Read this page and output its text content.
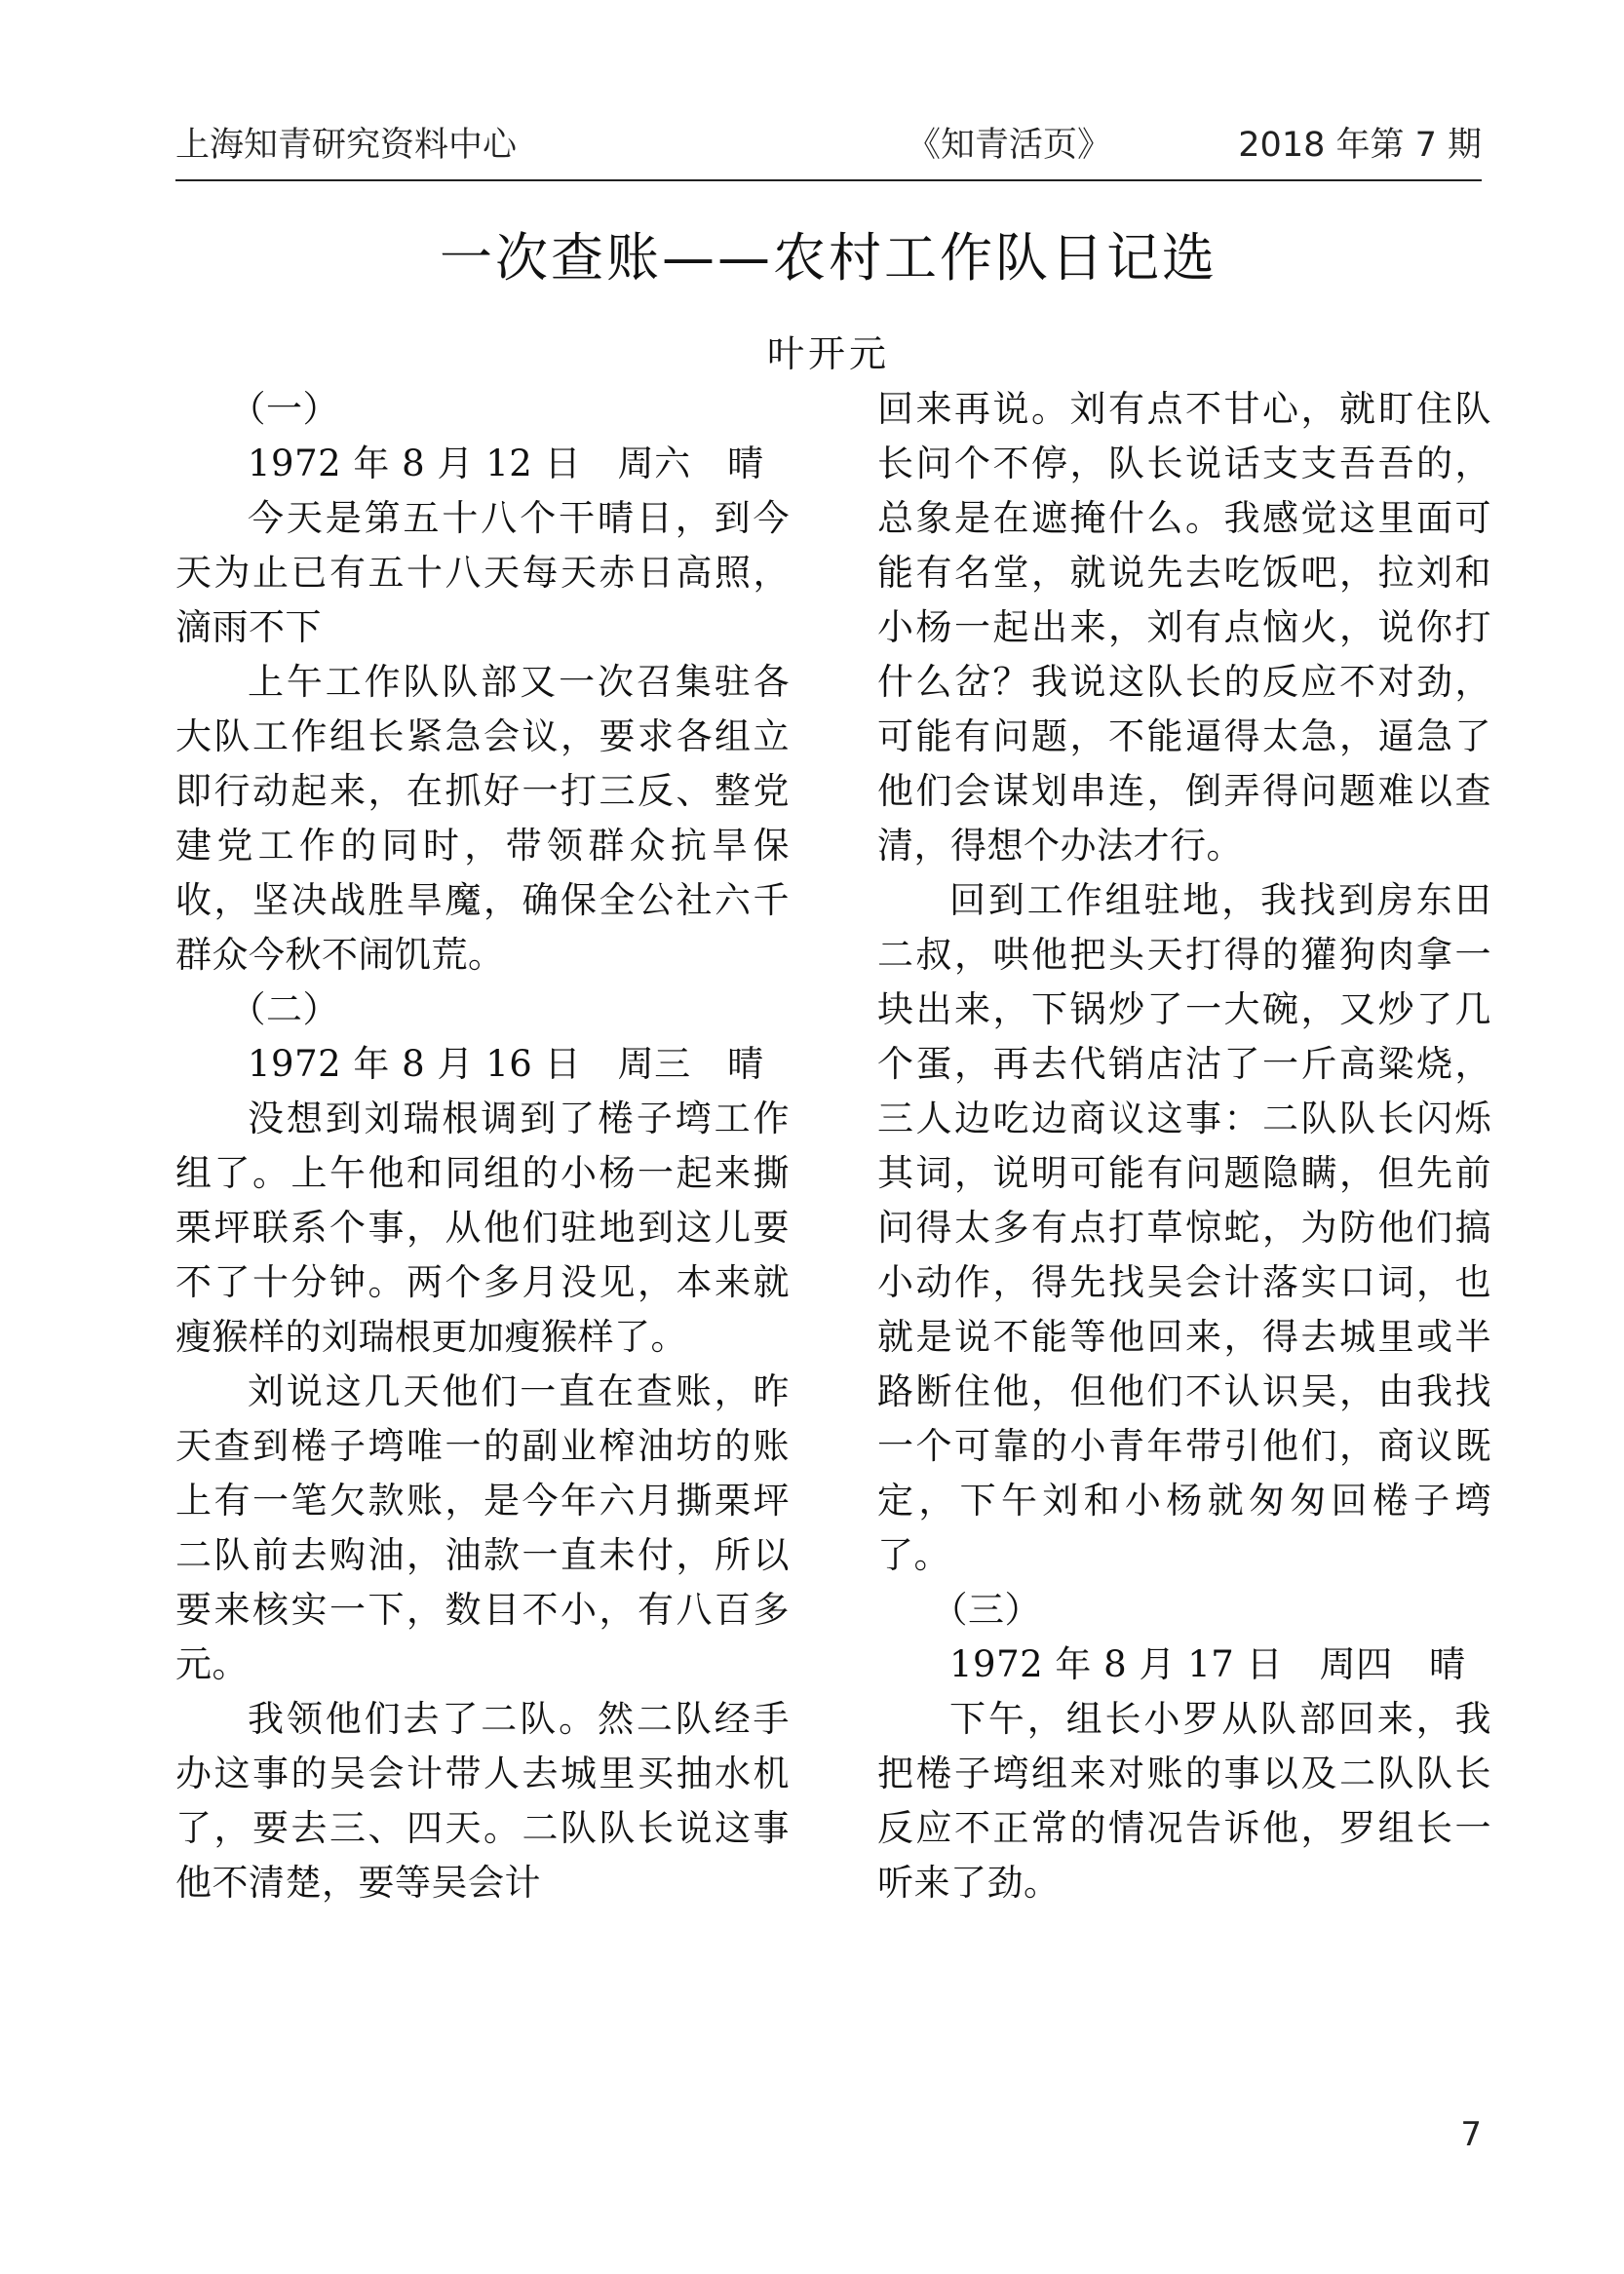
上海知青研究资料中心	《知青活页》	2018 年第 7 期
一次查账——农村工作队日记选
叶开元

（一）

1972 年 8 月 12 日　周六　晴

今天是第五十八个干晴日，到今天为止已有五十八天每天赤日高照，滴雨不下

上午工作队队部又一次召集驻各大队工作组长紧急会议，要求各组立即行动起来，在抓好一打三反、整党建党工作的同时，带领群众抗旱保收，坚决战胜旱魔，确保全公社六千群众今秋不闹饥荒。

（二）

1972 年 8 月 16 日　周三　晴

没想到刘瑞根调到了棬子塆工作组了。上午他和同组的小杨一起来撕栗坪联系个事，从他们驻地到这儿要不了十分钟。两个多月没见，本来就瘦猴样的刘瑞根更加瘦猴样了。

刘说这几天他们一直在查账，昨天查到棬子塆唯一的副业榨油坊的账上有一笔欠款账，是今年六月撕栗坪二队前去购油，油款一直未付，所以要来核实一下，数目不小，有八百多元。

我领他们去了二队。然二队经手办这事的吴会计带人去城里买抽水机了，要去三、四天。二队队长说这事他不清楚，要等吴会计

回来再说。刘有点不甘心，就盯住队长问个不停，队长说话支支吾吾的，总象是在遮掩什么。我感觉这里面可能有名堂，就说先去吃饭吧，拉刘和小杨一起出来，刘有点恼火，说你打什么岔？我说这队长的反应不对劲，可能有问题，不能逼得太急，逼急了他们会谋划串连，倒弄得问题难以查清，得想个办法才行。

回到工作组驻地，我找到房东田二叔，哄他把头天打得的獾狗肉拿一块出来，下锅炒了一大碗，又炒了几个蛋，再去代销店沽了一斤高粱烧，三人边吃边商议这事：二队队长闪烁其词，说明可能有问题隐瞒，但先前问得太多有点打草惊蛇，为防他们搞小动作，得先找吴会计落实口词，也就是说不能等他回来，得去城里或半路断住他，但他们不认识吴，由我找一个可靠的小青年带引他们，商议既定，下午刘和小杨就匆匆回棬子塆了。

（三）

1972 年 8 月 17 日　周四　晴

下午，组长小罗从队部回来，我把棬子塆组来对账的事以及二队队长反应不正常的情况告诉他，罗组长一听来了劲。

7
